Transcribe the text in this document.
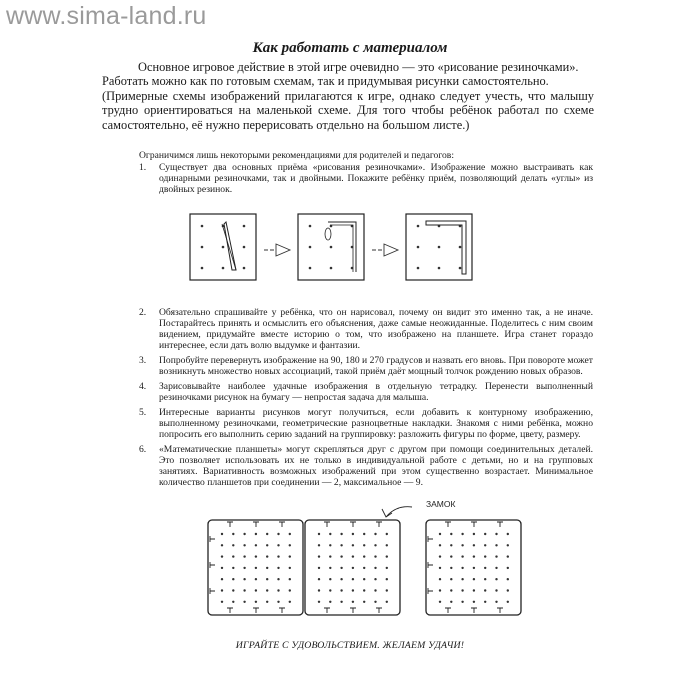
www.sima-land.ru
Как работать с материалом

Основное игровое действие в этой игре очевидно — это «рисование резиночками».

Работать можно как по готовым схемам, так и придумывая рисунки самостоятельно.

(Примерные схемы изображений прилагаются к игре, однако следует учесть, что малышу трудно ориентироваться на маленькой схеме. Для того чтобы ребёнок работал по схеме самостоятельно, её нужно перерисовать отдельно на большом листе.)

Ограничимся лишь некоторыми рекомендациями для родителей и педагогов:

1. Существует два основных приёма «рисования резиночками». Изображение можно выстраивать как одинарными резиночками, так и двойными. Покажите ребёнку приём, позволяющий делать «углы» из двойных резинок.
2. Обязательно спрашивайте у ребёнка, что он нарисовал, почему он видит это именно так, а не иначе. Постарайтесь принять и осмыслить его объяснения, даже самые неожиданные. Поделитесь с ним своим видением, придумайте вместе историю о том, что изображено на планшете. Игра станет гораздо интереснее, если дать волю выдумке и фантазии.
3. Попробуйте перевернуть изображение на 90, 180 и 270 градусов и назвать его вновь. При повороте может возникнуть множество новых ассоциаций, такой приём даёт мощный толчок рождению новых образов.
4. Зарисовывайте наиболее удачные изображения в отдельную тетрадку. Перенести выполненный резиночками рисунок на бумагу — непростая задача для малыша.
5. Интересные варианты рисунков могут получиться, если добавить к контурному изображению, выполненному резиночками, геометрические разноцветные накладки. Знакомя с ними ребёнка, можно попросить его выполнить серию заданий на группировку: разложить фигуры по форме, цвету, размеру.
6. «Математические планшеты» могут скрепляться друг с другом при помощи соединительных деталей. Это позволяет использовать их не только в индивидуальной работе с детьми, но и на групповых занятиях. Вариативность возможных изображений при этом существенно возрастает. Минимальное количество планшетов при соединении — 2, максимальное — 9.
ЗАМОК
ИГРАЙТЕ С УДОВОЛЬСТВИЕМ. ЖЕЛАЕМ УДАЧИ!
